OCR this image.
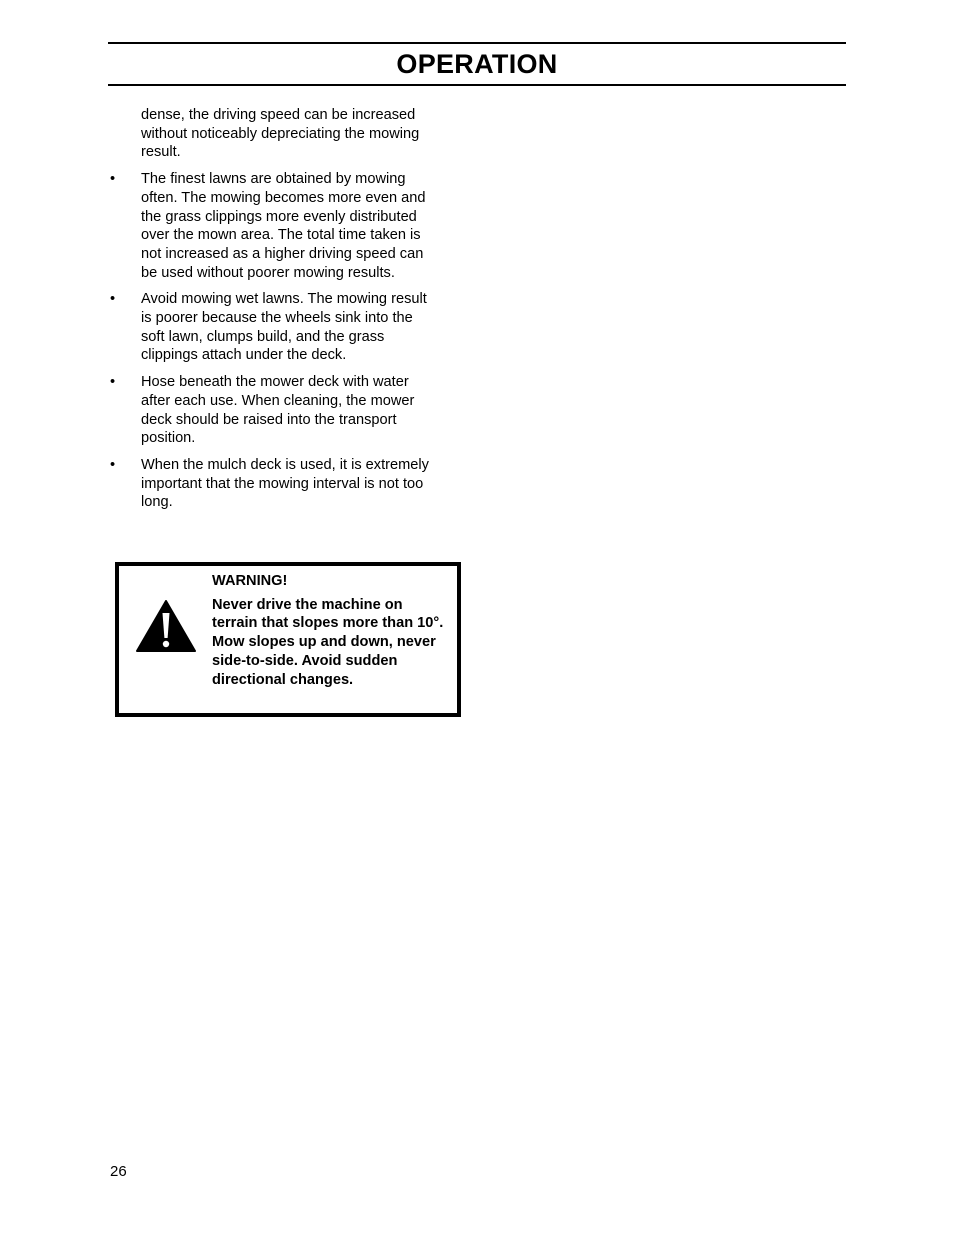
OPERATION

dense, the driving speed can be increased without noticeably depreciating the mowing result.

•	The finest lawns are obtained by mowing often. The mowing becomes more even and the grass clippings more evenly distributed over the mown area. The total time taken is not increased as a higher driving speed can be used without poorer mowing results.
•	Avoid mowing wet lawns. The mowing result is poorer because the wheels sink into the soft lawn, clumps build, and the grass clippings attach under the deck.
•	Hose beneath the mower deck with water after each use. When cleaning, the mower deck should be raised into the transport position.
•	When the mulch deck is used, it is extremely important that the mowing interval is not too long.

WARNING!

Never drive the machine on terrain that slopes more than 10°.

Mow slopes up and down, never side-to-side. Avoid sudden directional changes.

26
